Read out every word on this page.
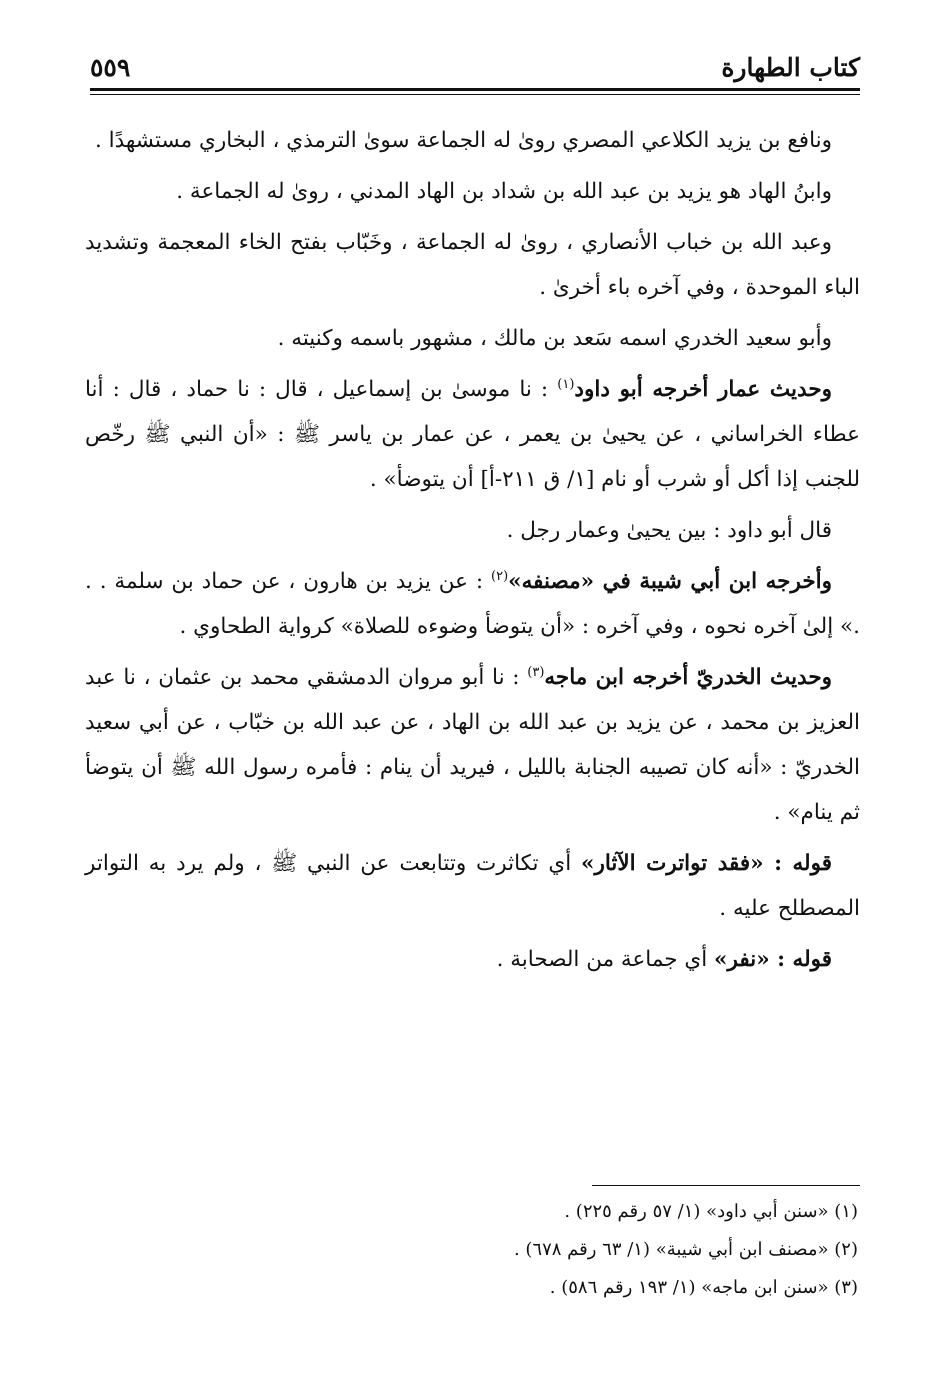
كتاب الطهارة
٥٥٩

ونافع بن يزيد الكلاعي المصري روىٰ له الجماعة سوىٰ الترمذي ، البخاري مستشهدًا .

وابنُ الهاد هو يزيد بن عبد الله بن شداد بن الهاد المدني ، روىٰ له الجماعة .

وعبد الله بن خباب الأنصاري ، روىٰ له الجماعة ، وخَبّاب بفتح الخاء المعجمة وتشديد الباء الموحدة ، وفي آخره باء أخرىٰ .

وأبو سعيد الخدري اسمه سَعد بن مالك ، مشهور باسمه وكنيته .

وحديث عمار أخرجه أبو داود$^{(١)}$ : نا موسىٰ بن إسماعيل ، قال : نا حماد ، قال : أنا عطاء الخراساني ، عن يحيىٰ بن يعمر ، عن عمار بن ياسر ﷺ : «أن النبي ﷺ رخّص للجنب إذا أكل أو شرب أو نام [١/ ق ٢١١-أ] أن يتوضأ» .

قال أبو داود : بين يحيىٰ وعمار رجل .

وأخرجه ابن أبي شيبة في «مصنفه»$^{(٢)}$ : عن يزيد بن هارون ، عن حماد بن سلمة . . .» إلىٰ آخره نحوه ، وفي آخره : «أن يتوضأ وضوءه للصلاة» كرواية الطحاوي .

وحديث الخدريّ أخرجه ابن ماجه$^{(٣)}$ : نا أبو مروان الدمشقي محمد بن عثمان ، نا عبد العزيز بن محمد ، عن يزيد بن عبد الله بن الهاد ، عن عبد الله بن خبّاب ، عن أبي سعيد الخدريّ : «أنه كان تصيبه الجنابة بالليل ، فيريد أن ينام : فأمره رسول الله ﷺ أن يتوضأ ثم ينام» .

قوله : «فقد تواترت الآثار» أي تكاثرت وتتابعت عن النبي ﷺ ، ولم يرد به التواتر المصطلح عليه .

قوله : «نفر» أي جماعة من الصحابة .

(١) «سنن أبي داود» (١/ ٥٧ رقم ٢٢٥) .

(٢) «مصنف ابن أبي شيبة» (١/ ٦٣ رقم ٦٧٨) .

(٣) «سنن ابن ماجه» (١/ ١٩٣ رقم ٥٨٦) .
